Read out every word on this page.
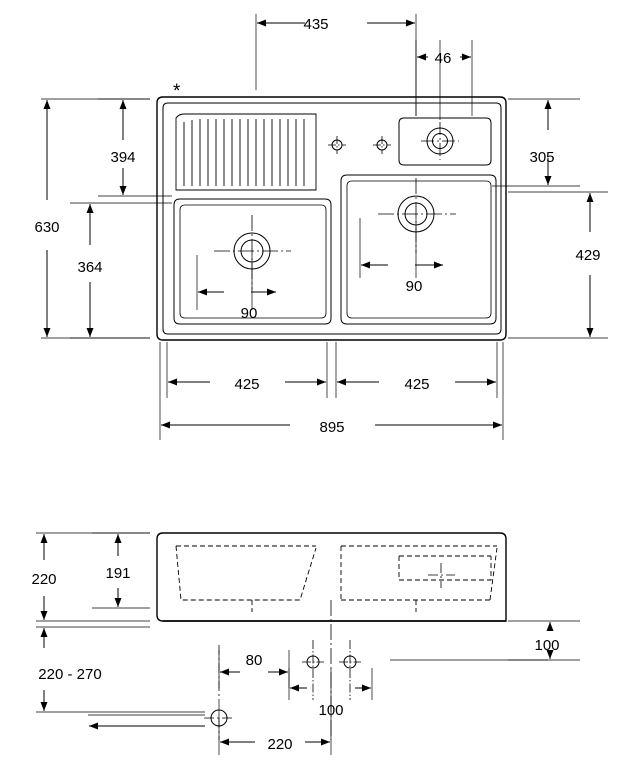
*
435
46
305
429
394
364
630
90
90
425	425
895
220	191
220 - 270
100
80
100
220
